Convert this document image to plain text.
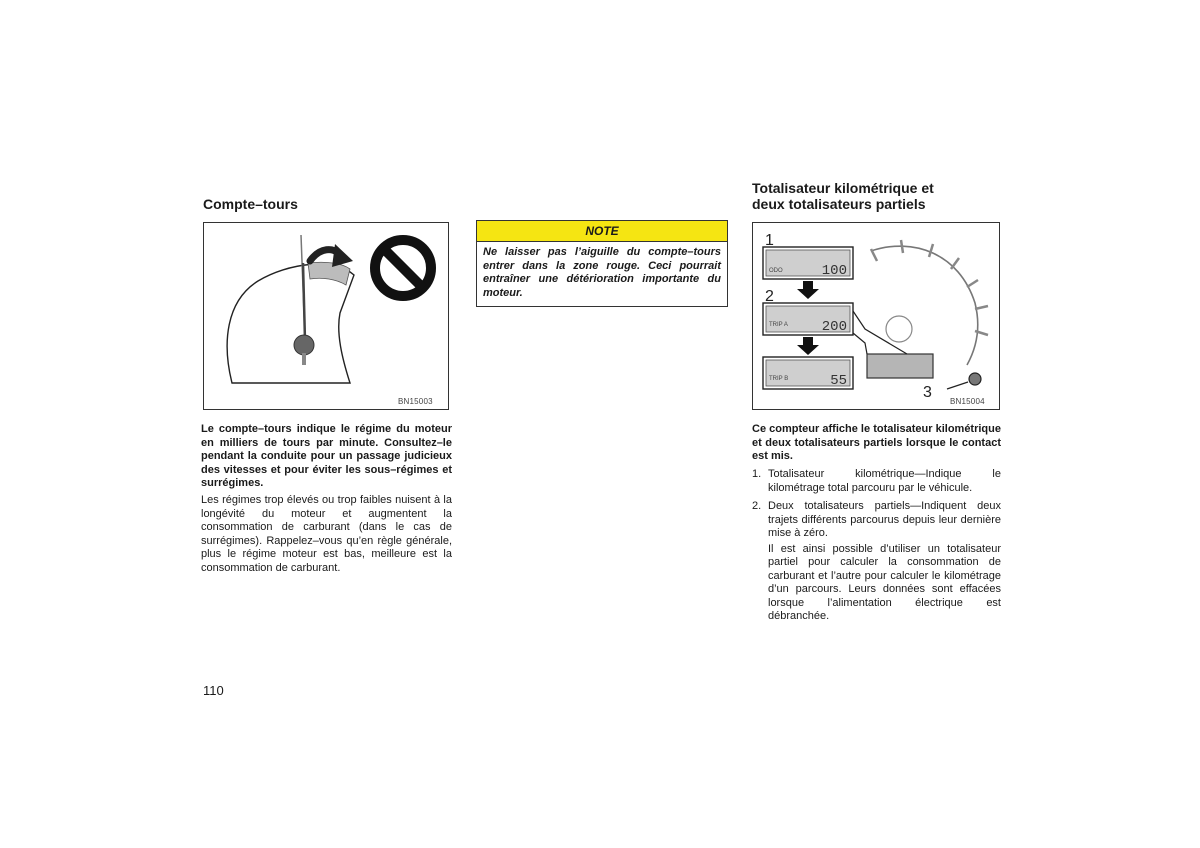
Compte–tours
BN15003

Le compte–tours indique le régime du moteur en milliers de tours par minute. Consultez–le pendant la conduite pour un passage judicieux des vitesses et pour éviter les sous–régimes et surrégimes.

Les régimes trop élevés ou trop faibles nuisent à la longévité du moteur et augmentent la consommation de carburant (dans le cas de surrégimes). Rappelez–vous qu’en règle générale, plus le régime moteur est bas, meilleure est la consommation de carburant.

NOTE
Ne laisser pas l’aiguille du compte–tours entrer dans la zone rouge. Ceci pourrait entraîner une détérioration importante du moteur.
Totalisateur kilométrique et
deux totalisateurs partiels
3
ODO	100
1
TRIP A 200
2
TRIP B	55
BN15004

Ce compteur affiche le totalisateur kilométrique et deux totalisateurs partiels lorsque le contact est mis.

1. Totalisateur kilométrique—Indique le kilométrage total parcouru par le véhicule.
2. Deux totalisateurs partiels—Indiquent deux trajets différents parcourus depuis leur dernière mise à zéro.
Il est ainsi possible d’utiliser un totalisateur partiel pour calculer la consommation de carburant et l’autre pour calculer le kilométrage d’un parcours. Leurs données sont effacées lorsque l’alimentation électrique est débranchée.
110
